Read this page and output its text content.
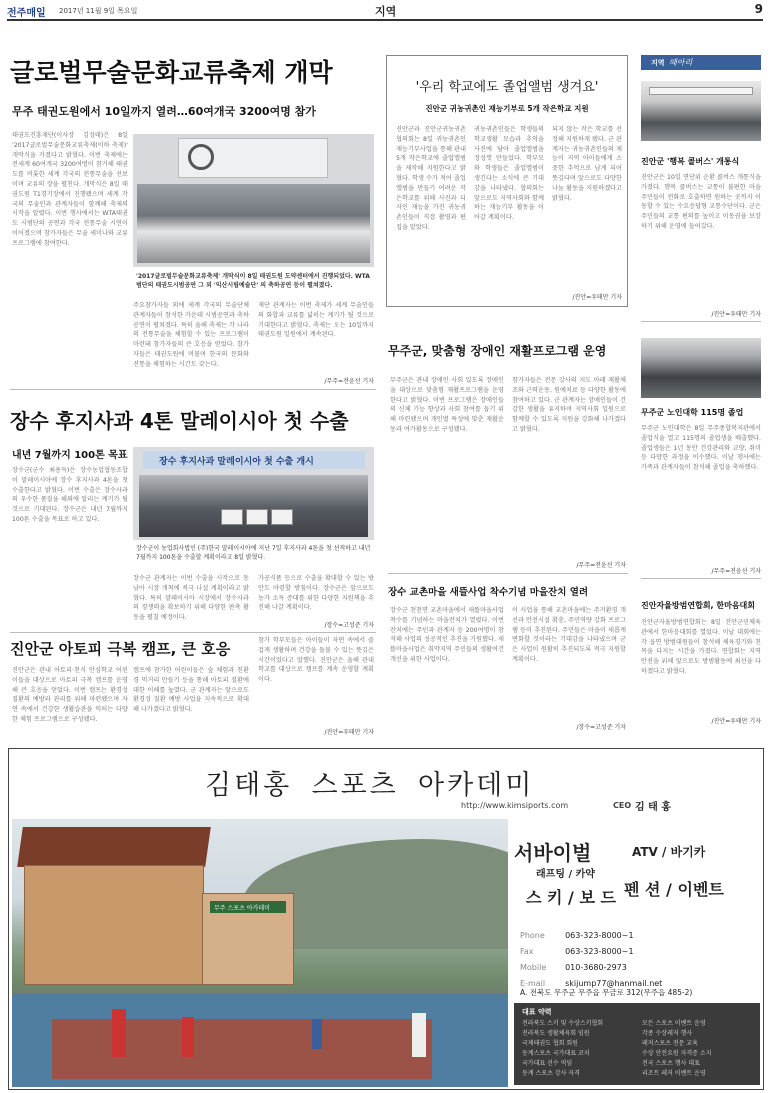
전주매일 2017년 11월 9일 목요일	지역	9
글로벌무술문화교류축제 개막
무주 태권도원에서 10일까지 열려…60여개국 3200여명 참가
태권도진흥재단(이사장 김성태)은 8일 '2017글로벌무술문화교류축제(이하 축제)' 개막식을 가졌다고 밝혔다. 이번 축제에는 전세계 60여개국 3200여명이 참가해 태권도를 비롯한 세계 각국의 전통무술을 선보이며 교류의 장을 펼친다. 개막식은 8일 태권도원 T1경기장에서 진행됐으며 세계 각국의 무술인과 관계자들이 함께해 축제의 시작을 알렸다. 이번 행사에서는 WTA태권도 시범단의 공연과 각국 전통무술 시연이 이어졌으며 참가자들은 무술 세미나와 교류 프로그램에 참여한다.
'2017글로벌무술문화교류축제' 개막식이 8일 태권도원 도약센터에서 진행되었다. WTA범단의 태권도시범공연 그 외 '익산시립예술단' 의 축하공연 등이 펼쳐졌다.
주요참가자들 외에 세계 각국의 무술단체 관계자들이 참석한 가운데 시범공연과 축하공연이 펼쳐졌다. 특히 올해 축제는 각 나라의 전통무술을 체험할 수 있는 프로그램이 마련돼 참가자들의 큰 호응을 얻었다. 참가자들은 태권도원에 머물며 한국의 문화와 전통을 체험하는 시간도 갖는다.
재단 관계자는 이번 축제가 세계 무술인들의 화합과 교류를 넓히는 계기가 될 것으로 기대한다고 밝혔다. 축제는 오는 10일까지 태권도원 일원에서 계속된다.
/무주=전윤선 기자
장수 후지사과 4톤 말레이시아 첫 수출
내년 7월까지 100톤 목표
장수군(군수 최용득)은 장수농업협동조합이 말레이시아에 장수 후지사과 4톤을 첫 수출한다고 밝혔다. 이번 수출은 장수사과의 우수한 품질을 해외에 알리는 계기가 될 것으로 기대된다. 장수군은 내년 7월까지 100톤 수출을 목표로 하고 있다.
장수 후지사과 말레이시아 첫 수출 개시
장수군이 농업회사법인 (주)한국 말레이시아에 지난 7일 후지사과 4톤을 첫 선적하고 내년 7월까지 100톤을 수출할 계획이라고 8일 밝혔다.
장수군 관계자는 이번 수출을 시작으로 동남아 시장 개척에 적극 나설 계획이라고 밝혔다. 특히 말레이시아 시장에서 장수사과의 경쟁력을 확보하기 위해 다양한 판촉 활동을 펼칠 예정이다.
가공식품 등으로 수출을 확대할 수 있는 방안도 마련할 방침이다. 장수군은 앞으로도 농가 소득 증대를 위한 다양한 지원책을 추진해 나갈 계획이다.
/장수=고성준 기자
진안군 아토피 극복 캠프, 큰 호응
진안군은 관내 아토피·천식 안심학교 어린이들을 대상으로 아토피 극복 캠프를 운영해 큰 호응을 얻었다. 이번 캠프는 환경성 질환의 예방과 관리를 위해 마련됐으며 자연 속에서 건강한 생활습관을 익히는 다양한 체험 프로그램으로 구성됐다.
캠프에 참가한 어린이들은 숲 체험과 친환경 먹거리 만들기 등을 통해 아토피 질환에 대한 이해를 높였다. 군 관계자는 앞으로도 환경성 질환 예방 사업을 지속적으로 확대해 나가겠다고 밝혔다.
참가 학부모들은 아이들이 자연 속에서 즐겁게 생활하며 건강을 돌볼 수 있는 뜻깊은 시간이었다고 말했다. 진안군은 올해 관내 학교를 대상으로 캠프를 계속 운영할 계획이다.
/진안=우태만 기자
'우리 학교에도 졸업앨범 생겨요'
진안군 귀농귀촌인 재능기부로 5개 작은학교 지원
진안군과 진안군귀농귀촌협의회는 8일 귀농귀촌인 재능기부사업을 통해 관내 5개 작은학교에 졸업앨범을 제작해 지원한다고 밝혔다. 학생 수가 적어 졸업앨범을 만들기 어려운 작은학교를 위해 사진과 디자인 재능을 가진 귀농귀촌인들이 직접 촬영과 편집을 맡았다.
귀농귀촌인들은 학생들의 학교생활 모습과 추억을 사진에 담아 졸업앨범을 정성껏 만들었다. 학부모와 학생들은 졸업앨범이 생긴다는 소식에 큰 기대감을 나타냈다. 협의회는 앞으로도 지역사회와 함께하는 재능기부 활동을 이어갈 계획이다.
되지 않는 작은 학교를 선정해 지원하게 됐다. 군 관계자는 귀농귀촌인들의 재능이 지역 아이들에게 소중한 추억으로 남게 되어 뜻깊다며 앞으로도 다양한 나눔 활동을 지원하겠다고 밝혔다.
/진안=우태만 기자
무주군, 맞춤형 장애인 재활프로그램 운영
무주군은 관내 장애인 사회 있도록 장애인을 대상으로 맞춤형 재활프로그램을 운영한다고 밝혔다. 이번 프로그램은 장애인들의 신체 기능 향상과 사회 참여를 돕기 위해 마련됐으며 개인별 특성에 맞춘 재활운동과 여가활동으로 구성됐다.
참가자들은 전문 강사의 지도 아래 재활체조와 근력운동, 원예치료 등 다양한 활동에 참여하고 있다. 군 관계자는 장애인들이 건강한 생활을 유지하며 지역사회 일원으로 함께할 수 있도록 지원을 강화해 나가겠다고 밝혔다.
/무주=전윤선 기자
장수 교촌마을 새뜰사업 착수기념 마을잔치 열려
장수군 천천면 교촌마을에서 새뜰마을사업 착수를 기념하는 마을잔치가 열렸다. 이번 잔치에는 주민과 관계자 등 200여명이 참석해 사업의 성공적인 추진을 기원했다. 새뜰마을사업은 취약지역 주민들의 생활여건 개선을 위한 사업이다.
이 사업을 통해 교촌마을에는 주거환경 개선과 안전시설 확충, 주민역량 강화 프로그램 등이 추진된다. 주민들은 마을이 새롭게 변화할 것이라는 기대감을 나타냈으며 군은 사업이 원활히 추진되도록 적극 지원할 계획이다.
/장수=고성준 기자
지역 때아리
진안군 '행복 콜버스' 개통식
진안군은 10일 면단위 순환 콜버스 개통식을 가졌다. 행복 콜버스는 교통이 불편한 마을 주민들이 전화로 호출하면 원하는 곳까지 이동할 수 있는 수요응답형 교통수단이다. 군은 주민들의 교통 편의를 높이고 이동권을 보장하기 위해 운영에 들어갔다.
/진안=우태만 기자
무주군 노인대학 115명 졸업
무주군 노인대학은 8일 무주종합복지관에서 졸업식을 열고 115명의 졸업생을 배출했다. 졸업생들은 1년 동안 건강관리와 교양, 취미 등 다양한 과정을 이수했다. 이날 행사에는 가족과 관계자들이 참석해 졸업을 축하했다.
/무주=전윤선 기자
진안자율방범연합회, 한마음대회
진안군자율방범연합회는 8일 진안군민체육관에서 한마음대회를 열었다. 이날 대회에는 각 읍면 방범대원들이 참석해 체육경기와 친목을 다지는 시간을 가졌다. 연합회는 지역 안전을 위해 앞으로도 방범활동에 최선을 다하겠다고 밝혔다.
/진안=우태만 기자
김태홍 스포츠 아카데미
http://www.kimsiports.com	CEO 김 태 홍
무주 스포츠 아카데미
서바이벌
래프팅 / 카약
ATV / 바기카
스 키 / 보 드 펜 션 / 이벤트
Phone	063-323-8000~1
Fax	063-323-8000~1
Mobile 010-3680-2973
E-mail	skijump77@hanmail.net
A. 전북도 무주군 무주읍 무금로 312(무주읍 485-2)
대표 약력
전라북도 스키 및 수상스키협회
전라북도 생활체육회 임원
국제태권도 협회 회원
동계스포츠 국가대표 코치
국가대표 선수 역임
동계 스포츠 강사 자격
모든 스포츠 이벤트 운영
각종 수상레저 행사
레저스포츠 전문 교육
수상 안전요원 자격증 소지
전국 스포츠 행사 대표
리조트 레저 이벤트 운영
